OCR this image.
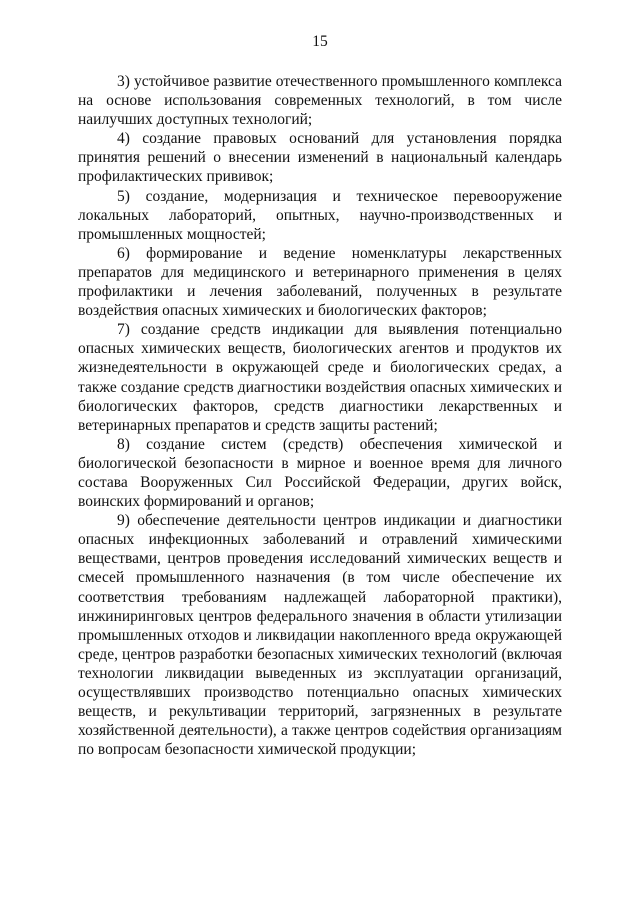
15

3) устойчивое развитие отечественного промышленного комплекса на основе использования современных технологий, в том числе наилучших доступных технологий;

4) создание правовых оснований для установления порядка принятия решений о внесении изменений в национальный календарь профилактических прививок;

5) создание, модернизация и техническое перевооружение локальных лабораторий, опытных, научно-производственных и промышленных мощностей;

6) формирование и ведение номенклатуры лекарственных препаратов для медицинского и ветеринарного применения в целях профилактики и лечения заболеваний, полученных в результате воздействия опасных химических и биологических факторов;

7) создание средств индикации для выявления потенциально опасных химических веществ, биологических агентов и продуктов их жизнедеятельности в окружающей среде и биологических средах, а также создание средств диагностики воздействия опасных химических и биологических факторов, средств диагностики лекарственных и ветеринарных препаратов и средств защиты растений;

8) создание систем (средств) обеспечения химической и биологической безопасности в мирное и военное время для личного состава Вооруженных Сил Российской Федерации, других войск, воинских формирований и органов;

9) обеспечение деятельности центров индикации и диагностики опасных инфекционных заболеваний и отравлений химическими веществами, центров проведения исследований химических веществ и смесей промышленного назначения (в том числе обеспечение их соответствия требованиям надлежащей лабораторной практики), инжиниринговых центров федерального значения в области утилизации промышленных отходов и ликвидации накопленного вреда окружающей среде, центров разработки безопасных химических технологий (включая технологии ликвидации выведенных из эксплуатации организаций, осуществлявших производство потенциально опасных химических веществ, и рекультивации территорий, загрязненных в результате хозяйственной деятельности), а также центров содействия организациям по вопросам безопасности химической продукции;
